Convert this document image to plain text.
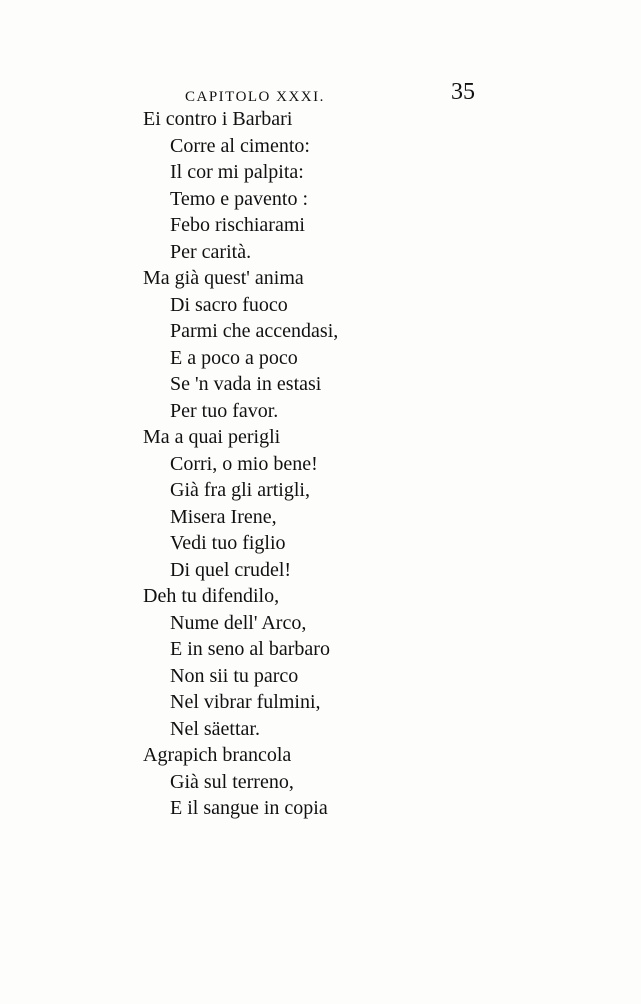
CAPITOLO XXXI.	35
Ei contro i Barbari
Corre al cimento:
Il cor mi palpita:
Temo e pavento :
Febo rischiarami
Per carità.
Ma già quest' anima
Di sacro fuoco
Parmi che accendasi,
E a poco a poco
Se 'n vada in estasi
Per tuo favor.
Ma a quai perigli
Corri, o mio bene!
Già fra gli artigli,
Misera Irene,
Vedi tuo figlio
Di quel crudel!
Deh tu difendilo,
Nume dell' Arco,
E in seno al barbaro
Non sii tu parco
Nel vibrar fulmini,
Nel säettar.
Agrapich brancola
Già sul terreno,
E il sangue in copia
